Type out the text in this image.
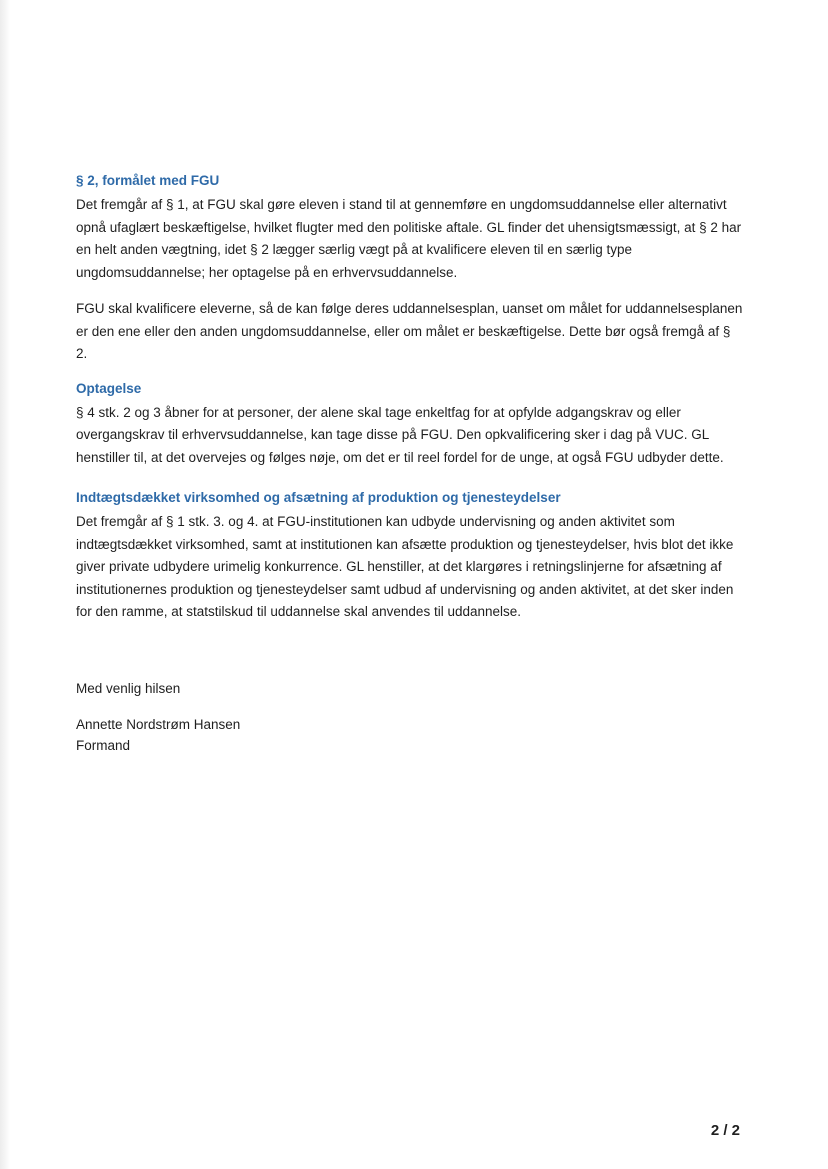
§ 2, formålet med FGU

Det fremgår af § 1, at FGU skal gøre eleven i stand til at gennemføre en ungdomsuddannelse eller alternativt opnå ufaglært beskæftigelse, hvilket flugter med den politiske aftale. GL finder det uhensigtsmæssigt, at § 2 har en helt anden vægtning, idet § 2 lægger særlig vægt på at kvalificere eleven til en særlig type ungdomsuddannelse; her optagelse på en erhvervsuddannelse.

FGU skal kvalificere eleverne, så de kan følge deres uddannelsesplan, uanset om målet for uddannelsesplanen er den ene eller den anden ungdomsuddannelse, eller om målet er beskæftigelse. Dette bør også fremgå af § 2.

Optagelse

§ 4 stk. 2 og 3 åbner for at personer, der alene skal tage enkeltfag for at opfylde adgangskrav og eller overgangskrav til erhvervsuddannelse, kan tage disse på FGU. Den opkvalificering sker i dag på VUC. GL henstiller til, at det overvejes og følges nøje, om det er til reel fordel for de unge, at også FGU udbyder dette.

Indtægtsdækket virksomhed og afsætning af produktion og tjenesteydelser

Det fremgår af § 1 stk. 3. og 4. at FGU-institutionen kan udbyde undervisning og anden aktivitet som indtægtsdækket virksomhed, samt at institutionen kan afsætte produktion og tjenesteydelser, hvis blot det ikke giver private udbydere urimelig konkurrence. GL henstiller, at det klargøres i retningslinjerne for afsætning af institutionernes produktion og tjenesteydelser samt udbud af undervisning og anden aktivitet, at det sker inden for den ramme, at statstilskud til uddannelse skal anvendes til uddannelse.

Med venlig hilsen

Annette Nordstrøm Hansen

Formand

2 / 2
